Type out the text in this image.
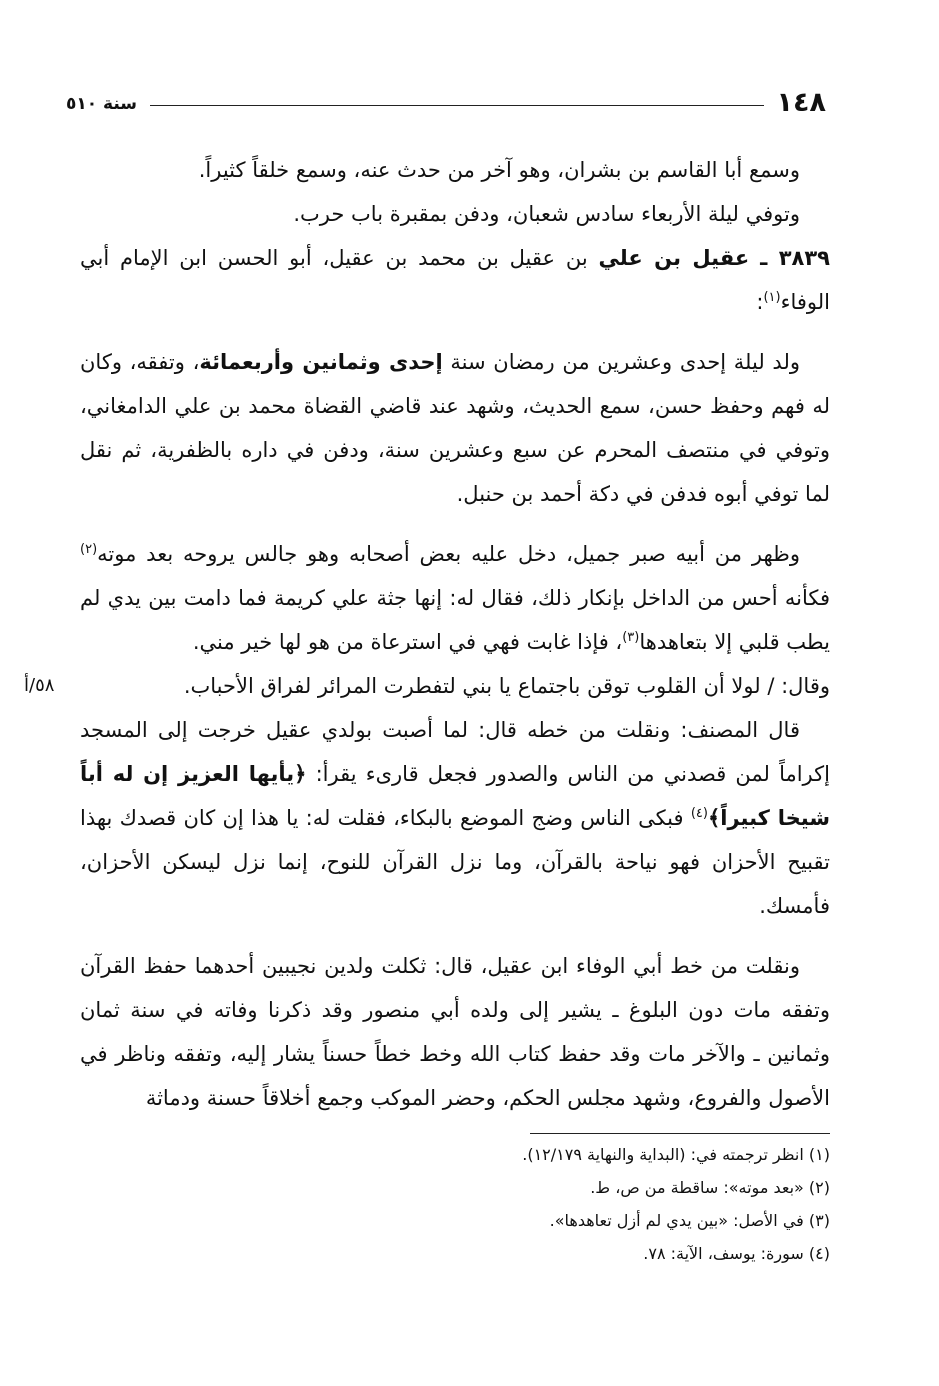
١٤٨
سنة ٥١٠

وسمع أبا القاسم بن بشران، وهو آخر من حدث عنه، وسمع خلقاً كثيراً.

وتوفي ليلة الأربعاء سادس شعبان، ودفن بمقبرة باب حرب.

٣٨٣٩ ـ عقيل بن علي بن عقيل بن محمد بن عقيل، أبو الحسن ابن الإمام أبي الوفاء$^{(١)}$:

ولد ليلة إحدى وعشرين من رمضان سنة إحدى وثمانين وأربعمائة، وتفقه، وكان له فهم وحفظ حسن، سمع الحديث، وشهد عند قاضي القضاة محمد بن علي الدامغاني، وتوفي في منتصف المحرم عن سبع وعشرين سنة، ودفن في داره بالظفرية، ثم نقل لما توفي أبوه فدفن في دكة أحمد بن حنبل.

وظهر من أبيه صبر جميل، دخل عليه بعض أصحابه وهو جالس يروحه بعد موته$^{(٢)}$ فكأنه أحس من الداخل بإنكار ذلك، فقال له: إنها جثة علي كريمة فما دامت بين يدي لم يطب قلبي إلا بتعاهدها$^{(٣)}$، فإذا غابت فهي في استرعاة من هو لها خير مني.

٥٨/أ	وقال: / لولا أن القلوب توقن باجتماع يا بني لتفطرت المرائر لفراق الأحباب.

قال المصنف: ونقلت من خطه قال: لما أصبت بولدي عقيل خرجت إلى المسجد إكراماً لمن قصدني من الناس والصدور فجعل قارىء يقرأ: ﴿يأيها العزيز إن له أباً شيخا كبيراً﴾$^{(٤)}$ فبكى الناس وضج الموضع بالبكاء، فقلت له: يا هذا إن كان قصدك بهذا تقبيح الأحزان فهو نياحة بالقرآن، وما نزل القرآن للنوح، إنما نزل ليسكن الأحزان، فأمسك.

ونقلت من خط أبي الوفاء ابن عقيل، قال: ثكلت ولدين نجيبين أحدهما حفظ القرآن وتفقه مات دون البلوغ ـ يشير إلى ولده أبي منصور وقد ذكرنا وفاته في سنة ثمان وثمانين ـ والآخر مات وقد حفظ كتاب الله وخط خطاً حسناً يشار إليه، وتفقه وناظر في الأصول والفروع، وشهد مجلس الحكم، وحضر الموكب وجمع أخلاقاً حسنة ودماثة

(١) انظر ترجمته في: (البداية والنهاية ١٢/١٧٩).

(٢) «بعد موته»: ساقطة من ص، ط.

(٣) في الأصل: «بين يدي لم أزل تعاهدها».

(٤) سورة: يوسف، الآية: ٧٨.
